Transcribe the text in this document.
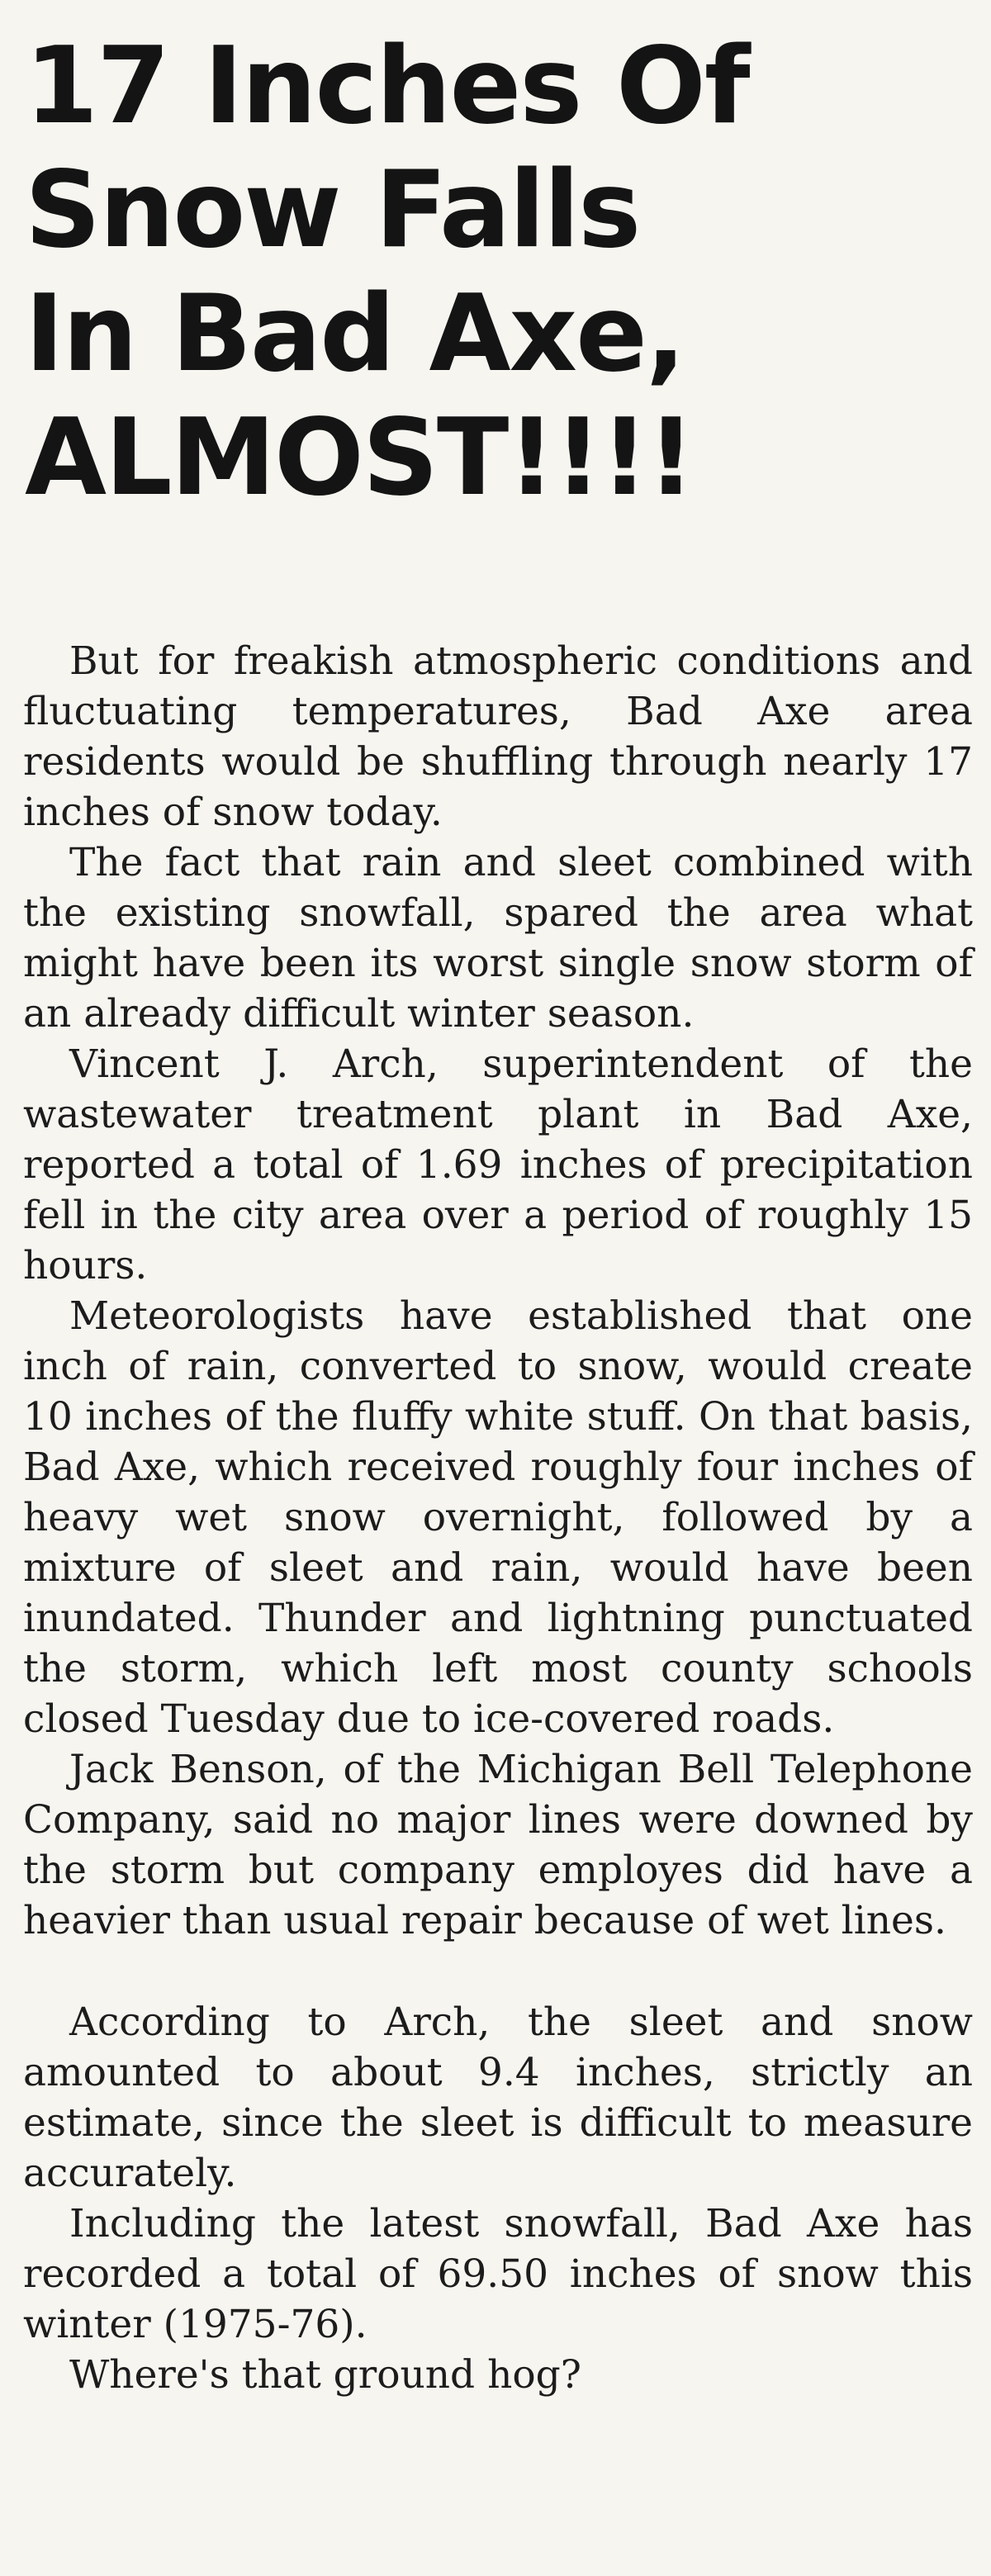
17 Inches Of
Snow Falls
In Bad Axe,
ALMOST!!!!

But for freakish atmospheric conditions and fluctuating temperatures, Bad Axe area residents would be shuffling through nearly 17 inches of snow today.

The fact that rain and sleet combined with the existing snowfall, spared the area what might have been its worst single snow storm of an already difficult winter season.

Vincent J. Arch, superintendent of the wastewater treatment plant in Bad Axe, reported a total of 1.69 inches of precipitation fell in the city area over a period of roughly 15 hours.

Meteorologists have established that one inch of rain, converted to snow, would create 10 inches of the fluffy white stuff. On that basis, Bad Axe, which received roughly four inches of heavy wet snow overnight, followed by a mixture of sleet and rain, would have been inundated. Thunder and lightning punctuated the storm, which left most county schools closed Tuesday due to ice-covered roads.

Jack Benson, of the Michigan Bell Telephone Company, said no major lines were downed by the storm but company employes did have a heavier than usual repair because of wet lines.

According to Arch, the sleet and snow amounted to about 9.4 inches, strictly an estimate, since the sleet is difficult to measure accurately.

Including the latest snowfall, Bad Axe has recorded a total of 69.50 inches of snow this winter (1975-76).

Where's that ground hog?
